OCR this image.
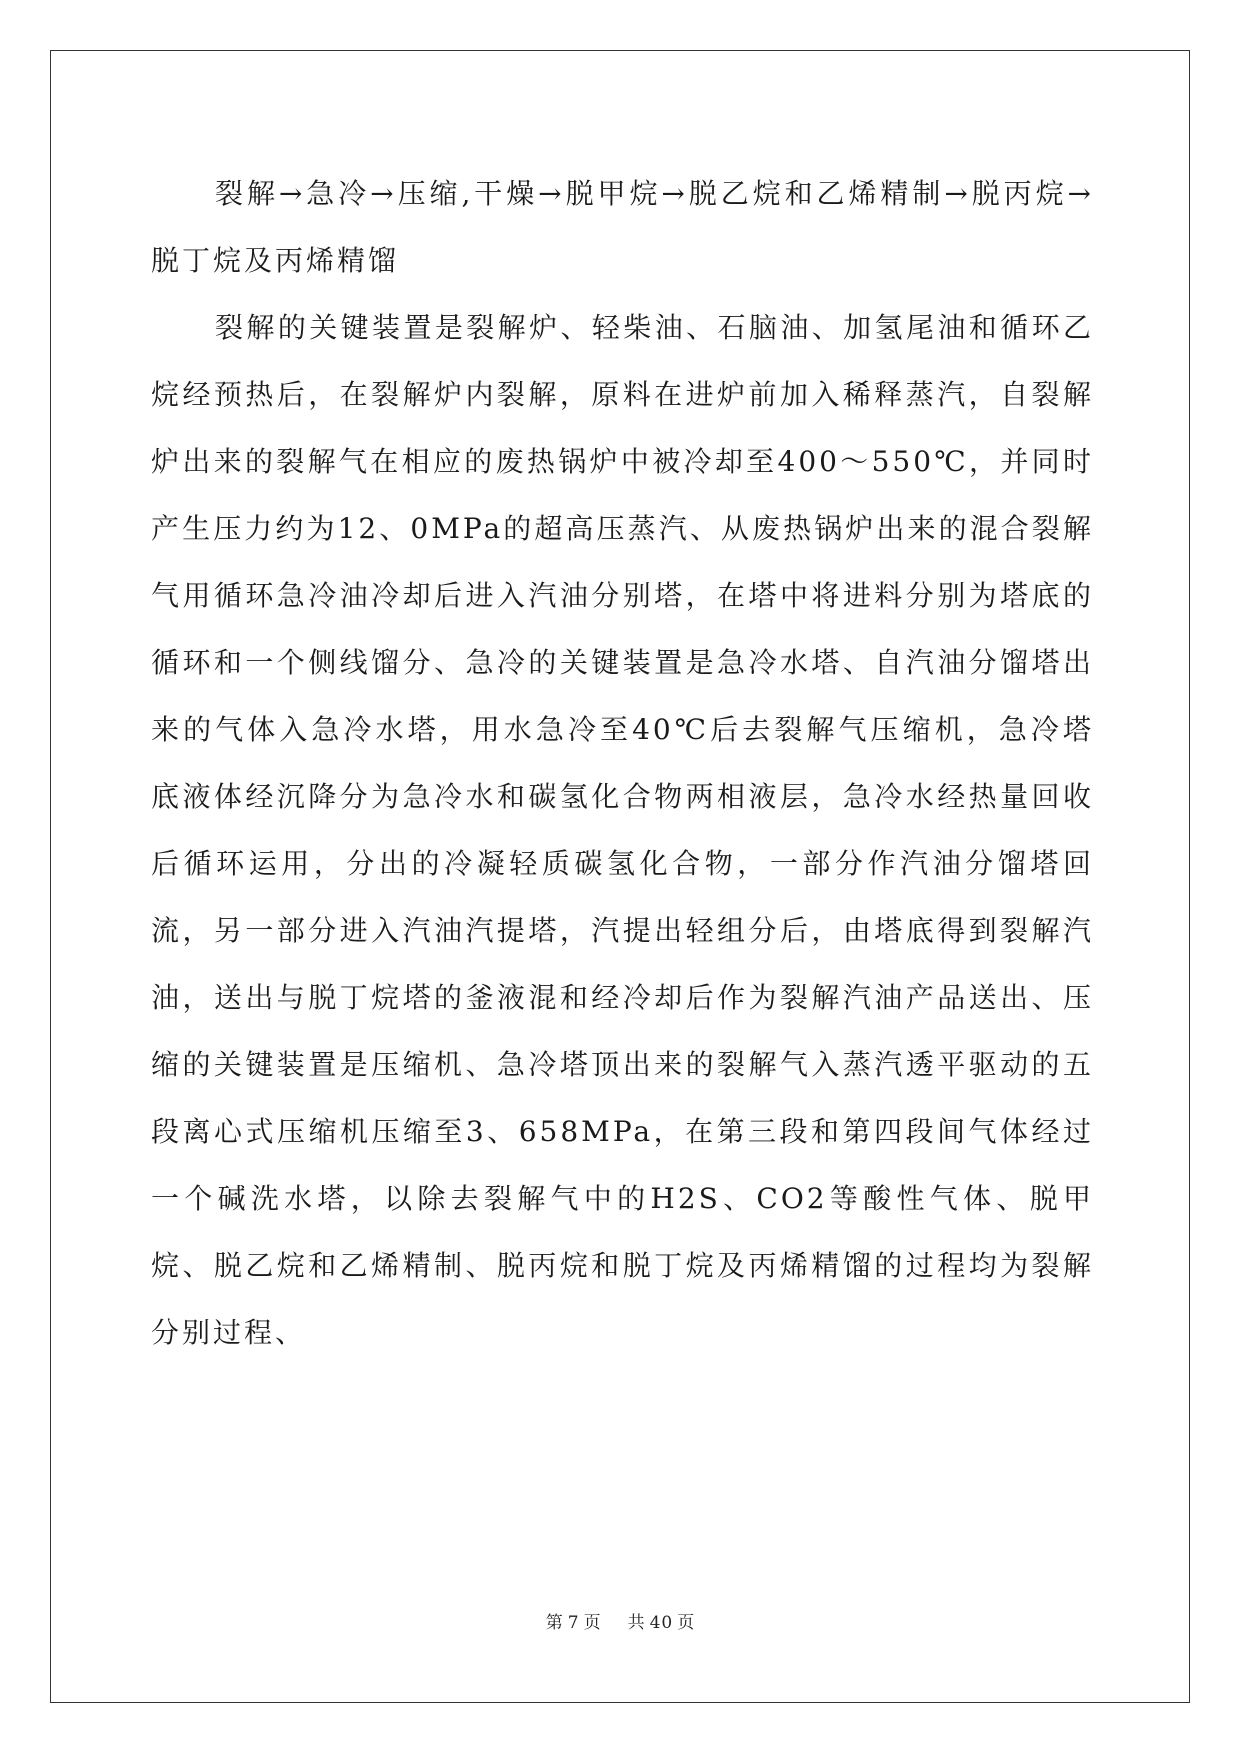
裂解→急冷→压缩,干燥→脱甲烷→脱乙烷和乙烯精制→脱丙烷→脱丁烷及丙烯精馏

裂解的关键装置是裂解炉、轻柴油、石脑油、加氢尾油和循环乙烷经预热后，在裂解炉内裂解，原料在进炉前加入稀释蒸汽，自裂解炉出来的裂解气在相应的废热锅炉中被冷却至400～550℃，并同时产生压力约为12、0MPa的超高压蒸汽、从废热锅炉出来的混合裂解气用循环急冷油冷却后进入汽油分别塔，在塔中将进料分别为塔底的循环和一个侧线馏分、急冷的关键装置是急冷水塔、自汽油分馏塔出来的气体入急冷水塔，用水急冷至40℃后去裂解气压缩机，急冷塔底液体经沉降分为急冷水和碳氢化合物两相液层，急冷水经热量回收后循环运用，分出的冷凝轻质碳氢化合物，一部分作汽油分馏塔回流，另一部分进入汽油汽提塔，汽提出轻组分后，由塔底得到裂解汽油，送出与脱丁烷塔的釜液混和经冷却后作为裂解汽油产品送出、压缩的关键装置是压缩机、急冷塔顶出来的裂解气入蒸汽透平驱动的五段离心式压缩机压缩至3、658MPa，在第三段和第四段间气体经过一个碱洗水塔，以除去裂解气中的H2S、CO2等酸性气体、脱甲烷、脱乙烷和乙烯精制、脱丙烷和脱丁烷及丙烯精馏的过程均为裂解分别过程、

第 7 页 共 40 页
